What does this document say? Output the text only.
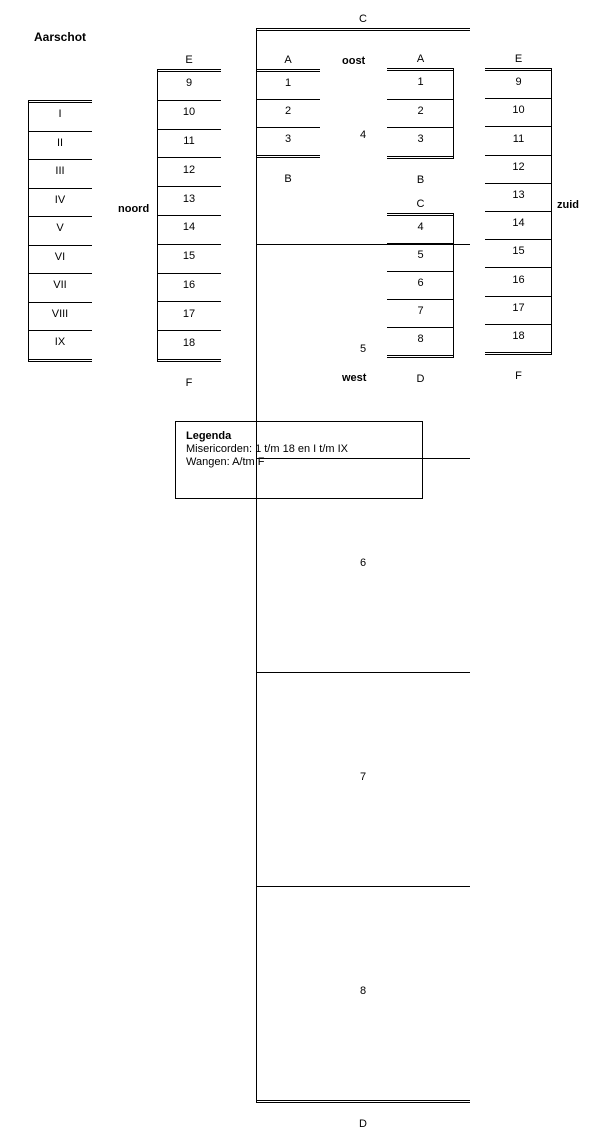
Aarschot
oost
noord	zuid
west
I
II
III
IV
V
VI
VII
VIII
IX
9
10
11
12
13
14
15
16
17
18
E
F
1
2
3
A
B
4
5
6
7
8
C
D
1
2
3
A
B
4
5
6
7
8
C
D
9
10
11
12
13
14
15
16
17
18
E
F
Legenda
Misericorden: 1 t/m 18 en I t/m IX
Wangen: A/tm F
